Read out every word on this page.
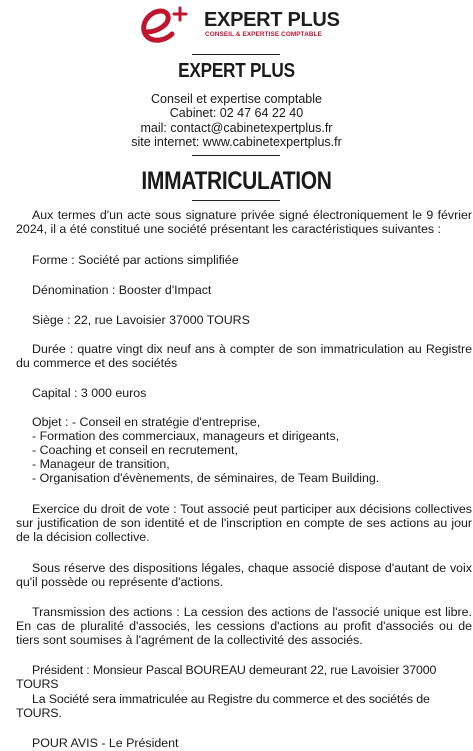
EXPERT PLUS
CONSEIL & EXPERTISE COMPTABLE
EXPERT PLUS
Conseil et expertise comptable
Cabinet: 02 47 64 22 40
mail: contact@cabinetexpertplus.fr
site internet: www.cabinetexpertplus.fr
IMMATRICULATION

Aux termes d'un acte sous signature privée signé électroniquement le 9 février 2024, il a été constitué une société présentant les caractéristiques suivantes :

Forme : Société par actions simplifiée

Dénomination : Booster d'Impact

Siège : 22, rue Lavoisier 37000 TOURS

Durée : quatre vingt dix neuf ans à compter de son immatriculation au Registre du commerce et des sociétés

Capital : 3 000 euros

Objet : - Conseil en stratégie d'entreprise,
- Formation des commerciaux, manageurs et dirigeants,
- Coaching et conseil en recrutement,
- Manageur de transition,
- Organisation d'évènements, de séminaires, de Team Building.

Exercice du droit de vote : Tout associé peut participer aux décisions collectives sur justification de son identité et de l'inscription en compte de ses actions au jour de la décision collective.

Sous réserve des dispositions légales, chaque associé dispose d'autant de voix qu'il possède ou représente d'actions.

Transmission des actions : La cession des actions de l'associé unique est libre. En cas de pluralité d'associés, les cessions d'actions au profit d'associés ou de tiers sont soumises à l'agrément de la collectivité des associés.

Président : Monsieur Pascal BOUREAU demeurant 22, rue Lavoisier 37000 TOURS

La Société sera immatriculée au Registre du commerce et des sociétés de TOURS.

POUR AVIS - Le Président
